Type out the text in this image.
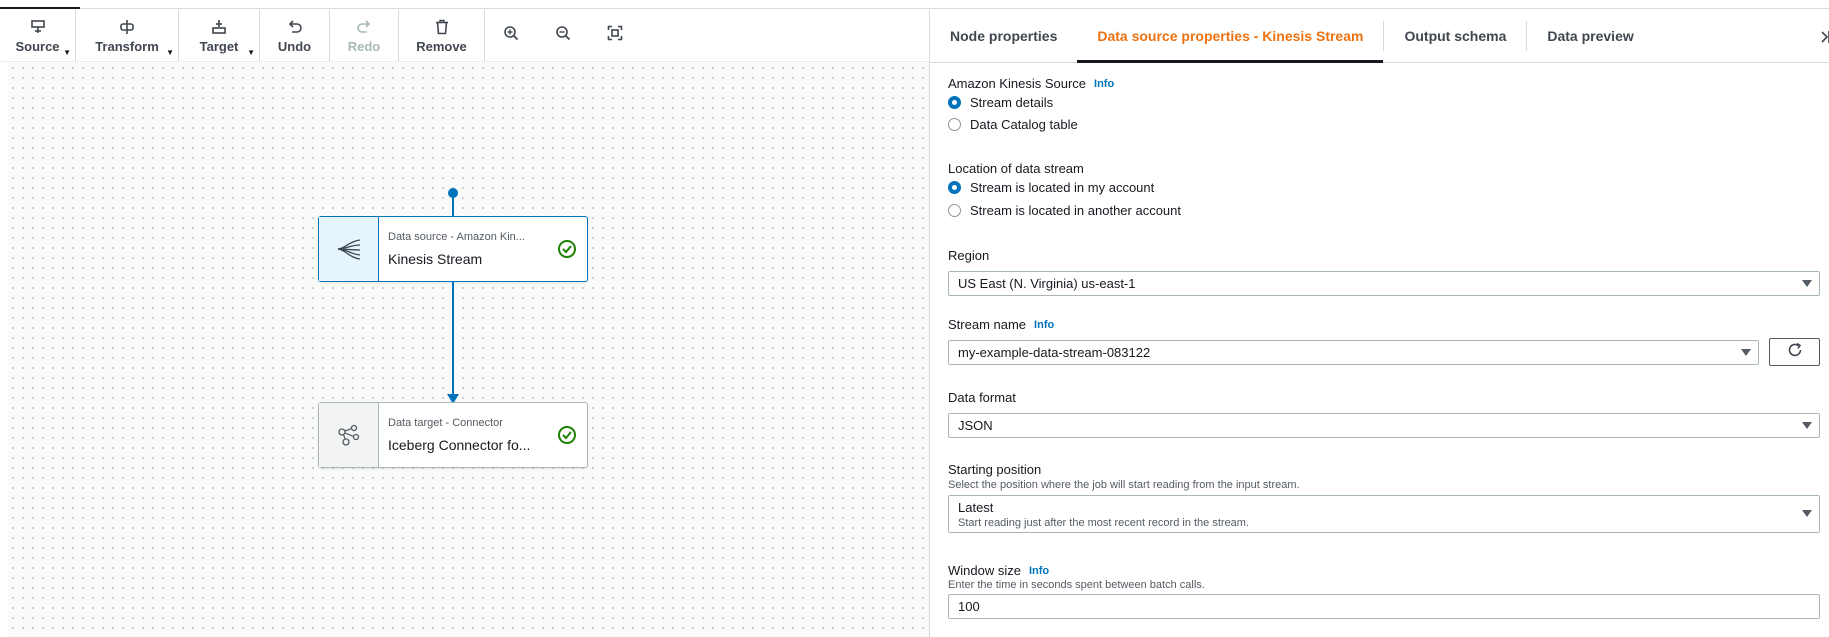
Source ▼ Transform ▼ Target ▼ Undo	Redo	Remove
Data source - Amazon Kin...
Kinesis Stream
Data target - Connector
Iceberg Connector fo...
Node properties	Data source properties - Kinesis Stream	Output schema	Data preview
Amazon Kinesis Source Info
Stream details
Data Catalog table
Location of data stream
Stream is located in my account
Stream is located in another account
Region
US East (N. Virginia) us-east-1
Stream name Info
my-example-data-stream-083122
Data format
JSON
Starting position
Select the position where the job will start reading from the input stream.
Latest
Start reading just after the most recent record in the stream.
Window size Info
Enter the time in seconds spent between batch calls.
100
